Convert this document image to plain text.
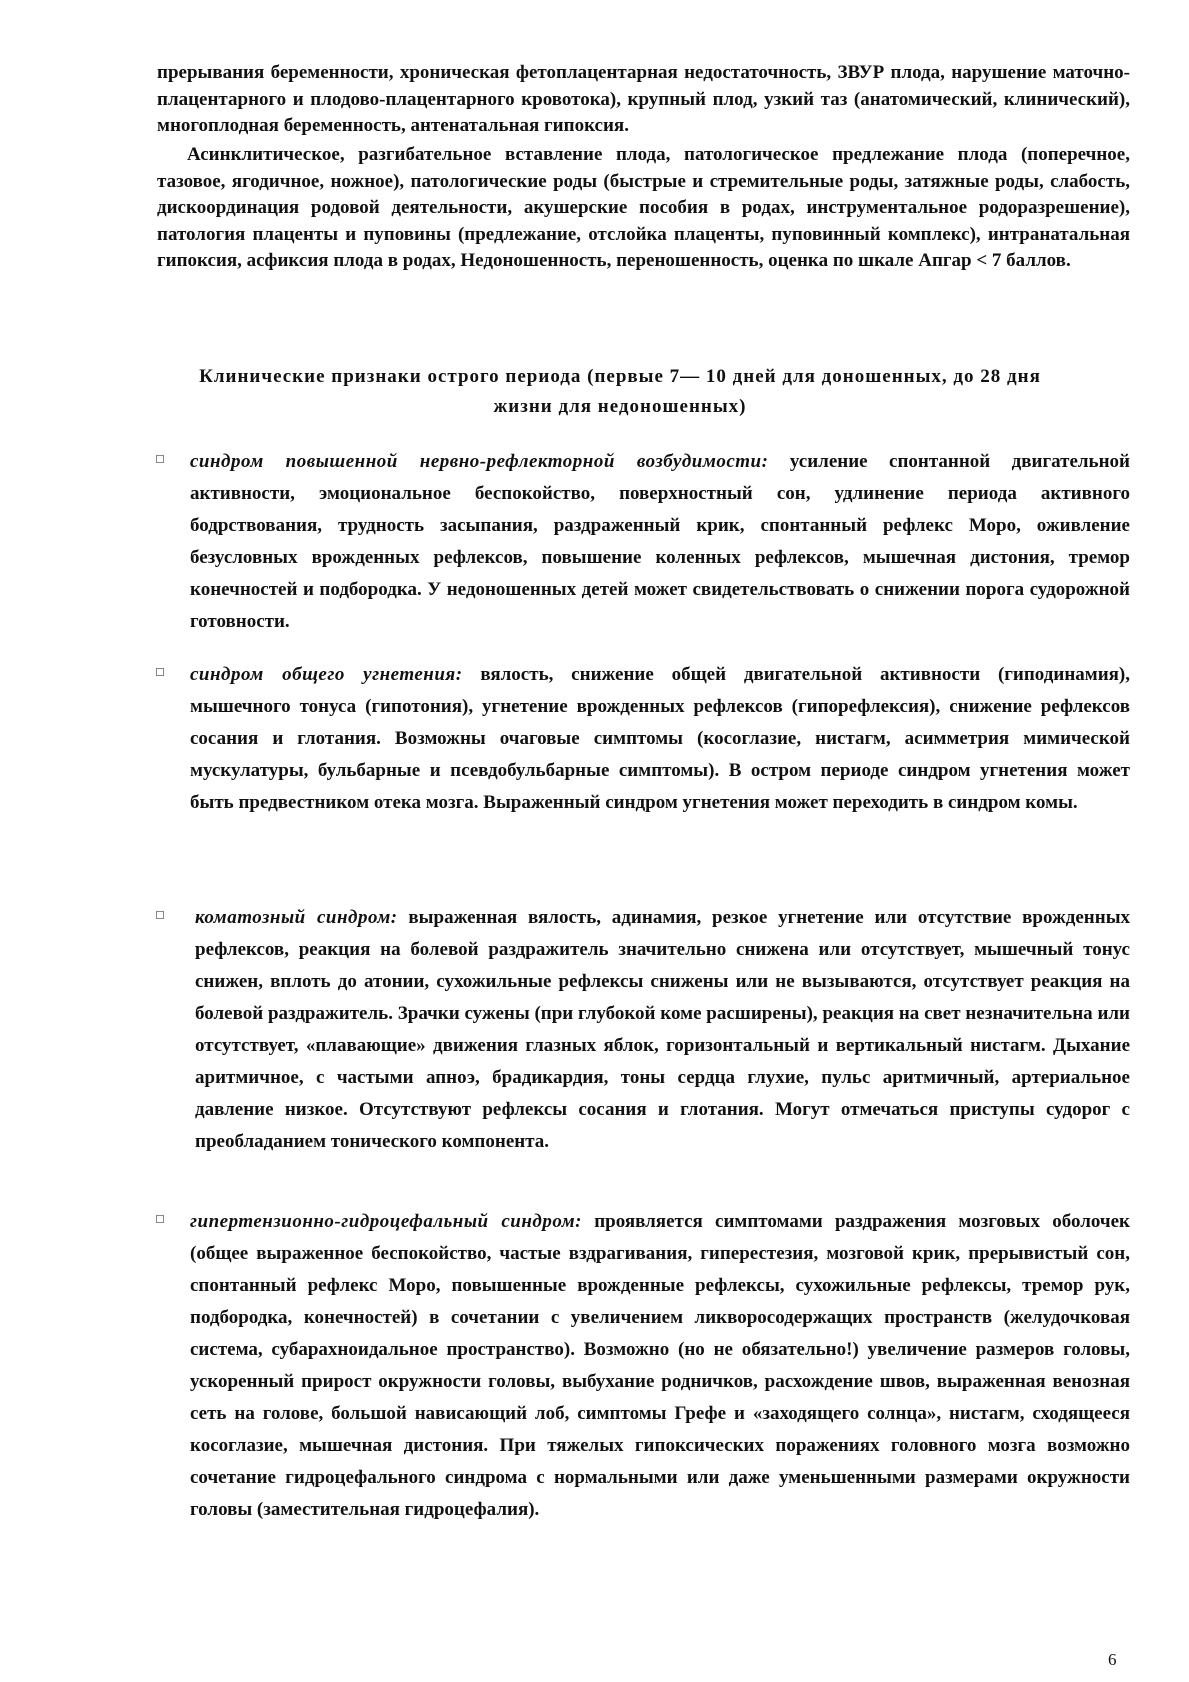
прерывания беременности, хроническая фетоплацентарная недостаточность, ЗВУР плода, нарушение маточно-плацентарного и плодово-плацентарного кровотока), крупный плод, узкий таз (анатомический, клинический), многоплодная беременность, антенатальная гипоксия.

Асинклитическое, разгибательное вставление плода, патологическое предлежание плода (поперечное, тазовое, ягодичное, ножное), патологические роды (быстрые и стремительные роды, затяжные роды, слабость, дискоординация родовой деятельности, акушерские пособия в родах, инструментальное родоразрешение), патология плаценты и пуповины (предлежание, отслойка плаценты, пуповинный комплекс), интранатальная гипоксия, асфиксия плода в родах, Недоношенность, переношенность, оценка по шкале Апгар < 7 баллов.

Клинические признаки острого периода (первые 7— 10 дней для доношенных, до 28 дня
жизни для недоношенных)

синдром повышенной нервно-рефлекторной возбудимости: усиление спонтанной двигательной активности, эмоциональное беспокойство, поверхностный сон, удлинение периода активного бодрствования, трудность засыпания, раздраженный крик, спонтанный рефлекс Моро, оживление безусловных врожденных рефлексов, повышение коленных рефлексов, мышечная дистония, тремор конечностей и подбородка. У недоношенных детей может свидетельствовать о снижении порога судорожной готовности.

синдром общего угнетения: вялость, снижение общей двигательной активности (гиподинамия), мышечного тонуса (гипотония), угнетение врожденных рефлексов (гипорефлексия), снижение рефлексов сосания и глотания. Возможны очаговые симптомы (косоглазие, нистагм, асимметрия мимической мускулатуры, бульбарные и псевдобульбарные симптомы). В остром периоде синдром угнетения может быть предвестником отека мозга. Выраженный синдром угнетения может переходить в синдром комы.

коматозный синдром: выраженная вялость, адинамия, резкое угнетение или отсутствие врожденных рефлексов, реакция на болевой раздражитель значительно снижена или отсутствует, мышечный тонус снижен, вплоть до атонии, сухожильные рефлексы снижены или не вызываются, отсутствует реакция на болевой раздражитель. Зрачки сужены (при глубокой коме расширены), реакция на свет незначительна или отсутствует, «плавающие» движения глазных яблок, горизонтальный и вертикальный нистагм. Дыхание аритмичное, с частыми апноэ, брадикардия, тоны сердца глухие, пульс аритмичный, артериальное давление низкое. Отсутствуют рефлексы сосания и глотания. Могут отмечаться приступы судорог с преобладанием тонического компонента.

гипертензионно-гидроцефальный синдром: проявляется симптомами раздражения мозговых оболочек (общее выраженное беспокойство, частые вздрагивания, гиперестезия, мозговой крик, прерывистый сон, спонтанный рефлекс Моро, повышенные врожденные рефлексы, сухожильные рефлексы, тремор рук, подбородка, конечностей) в сочетании с увеличением ликворосодержащих пространств (желудочковая система, субарахноидальное пространство). Возможно (но не обязательно!) увеличение размеров головы, ускоренный прирост окружности головы, выбухание родничков, расхождение швов, выраженная венозная сеть на голове, большой нависающий лоб, симптомы Грефе и «заходящего солнца», нистагм, сходящееся косоглазие, мышечная дистония. При тяжелых гипоксических поражениях головного мозга возможно сочетание гидроцефального синдрома с нормальными или даже уменьшенными размерами окружности головы (заместительная гидроцефалия).

6
